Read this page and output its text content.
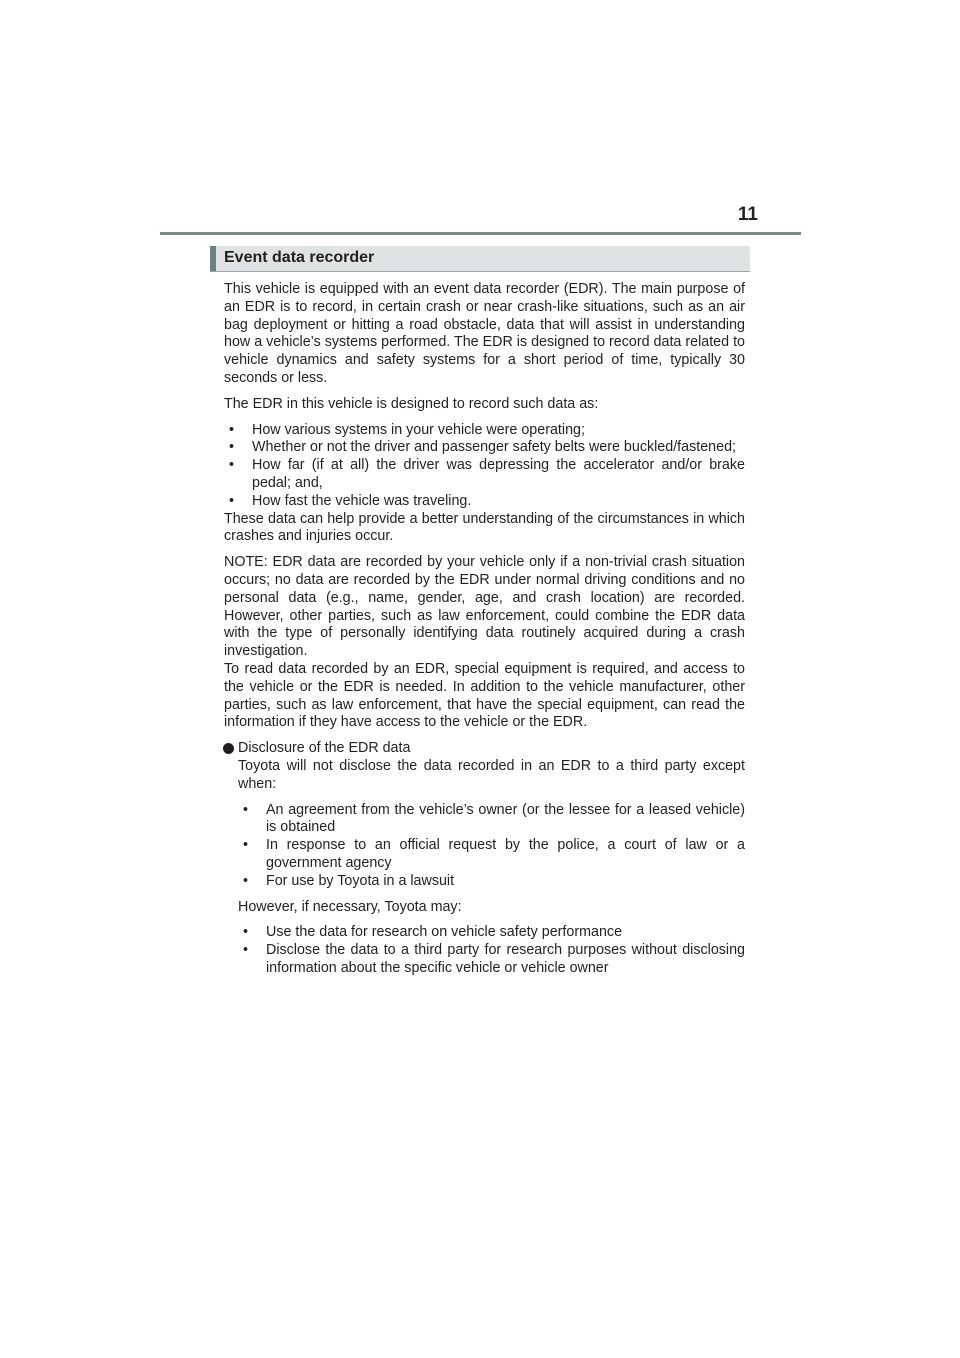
11
Event data recorder

This vehicle is equipped with an event data recorder (EDR). The main purpose of an EDR is to record, in certain crash or near crash-like situations, such as an air bag deployment or hitting a road obstacle, data that will assist in understanding how a vehicle’s systems performed. The EDR is designed to record data related to vehicle dynamics and safety systems for a short period of time, typically 30 seconds or less.

The EDR in this vehicle is designed to record such data as:

• How various systems in your vehicle were operating;
• Whether or not the driver and passenger safety belts were buckled/fastened;
• How far (if at all) the driver was depressing the accelerator and/or brake pedal; and,
• How fast the vehicle was traveling.

These data can help provide a better understanding of the circumstances in which crashes and injuries occur.

NOTE: EDR data are recorded by your vehicle only if a non-trivial crash situation occurs; no data are recorded by the EDR under normal driving conditions and no personal data (e.g., name, gender, age, and crash location) are recorded. However, other parties, such as law enforcement, could combine the EDR data with the type of personally identifying data routinely acquired during a crash investigation.

To read data recorded by an EDR, special equipment is required, and access to the vehicle or the EDR is needed. In addition to the vehicle manufacturer, other parties, such as law enforcement, that have the special equipment, can read the information if they have access to the vehicle or the EDR.

Disclosure of the EDR data

Toyota will not disclose the data recorded in an EDR to a third party except when:

• An agreement from the vehicle’s owner (or the lessee for a leased vehicle) is obtained
• In response to an official request by the police, a court of law or a government agency
• For use by Toyota in a lawsuit

However, if necessary, Toyota may:

• Use the data for research on vehicle safety performance
• Disclose the data to a third party for research purposes without disclosing information about the specific vehicle or vehicle owner
